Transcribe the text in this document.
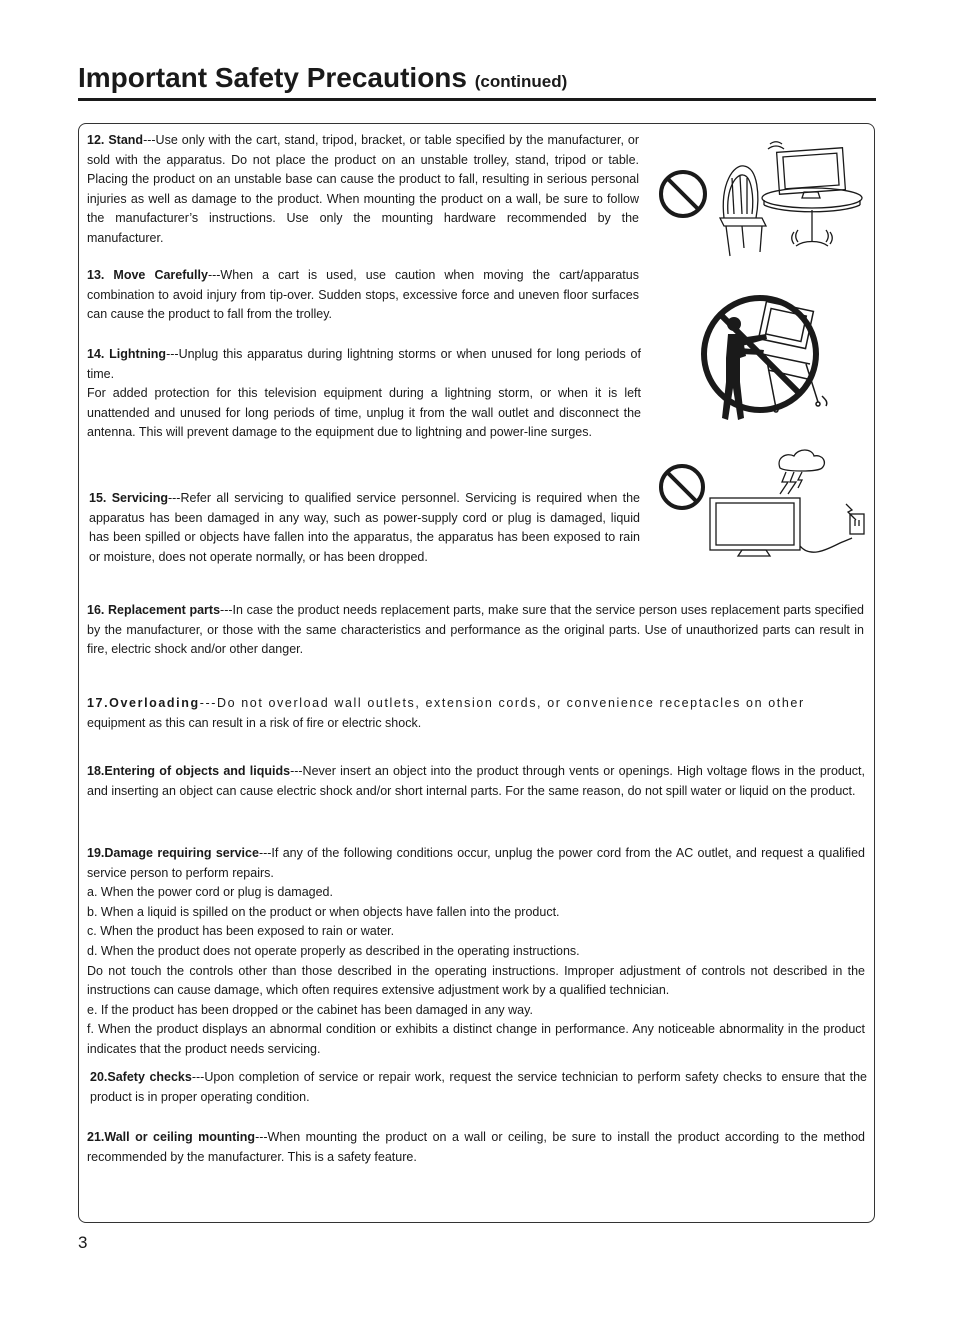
Important Safety Precautions (continued)

12. Stand---Use only with the cart, stand, tripod, bracket, or table specified by the manufacturer, or sold with the apparatus. Do not place the product on an unstable trolley, stand, tripod or table. Placing the product on an unstable base can cause the product to fall, resulting in serious personal injuries as well as damage to the product. When mounting the product on a wall, be sure to follow the manufacturer’s instructions. Use only the mounting hardware recommended by the manufacturer.

13. Move Carefully---When a cart is used, use caution when moving the cart/apparatus combination to avoid injury from tip-over. Sudden stops, excessive force and uneven floor surfaces can cause the product to fall from the trolley.

14. Lightning---Unplug this apparatus during lightning storms or when unused for long periods of time.
For added protection for this television equipment during a lightning storm, or when it is left unattended and unused for long periods of time, unplug it from the wall outlet and disconnect the antenna. This will prevent damage to the equipment due to lightning and power-line surges.

15. Servicing---Refer all servicing to qualified service personnel. Servicing is required when the apparatus has been damaged in any way, such as power-supply cord or plug is damaged, liquid has been spilled or objects have fallen into the apparatus, the apparatus has been exposed to rain or moisture, does not operate normally, or has been dropped.

16. Replacement parts---In case the product needs replacement parts, make sure that the service person uses replacement parts specified by the manufacturer, or those with the same characteristics and performance as the original parts. Use of unauthorized parts can result in fire, electric shock and/or other danger.

17.Overloading---Do not overload wall outlets, extension cords, or convenience receptacles on other
equipment as this can result in a risk of fire or electric shock.

18.Entering of objects and liquids---Never insert an object into the product through vents or openings. High voltage flows in the product, and inserting an object can cause electric shock and/or short internal parts. For the same reason, do not spill water or liquid on the product.

19.Damage requiring service---If any of the following conditions occur, unplug the power cord from the AC outlet, and request a qualified service person to perform repairs.
a. When the power cord or plug is damaged.
b. When a liquid is spilled on the product or when objects have fallen into the product.
c. When the product has been exposed to rain or water.
d. When the product does not operate properly as described in the operating instructions.
Do not touch the controls other than those described in the operating instructions. Improper adjustment of controls not described in the instructions can cause damage, which often requires extensive adjustment work by a qualified technician.
e. If the product has been dropped or the cabinet has been damaged in any way.
f. When the product displays an abnormal condition or exhibits a distinct change in performance. Any noticeable abnormality in the product indicates that the product needs servicing.

20.Safety checks---Upon completion of service or repair work, request the service technician to perform safety checks to ensure that the product is in proper operating condition.

21.Wall or ceiling mounting---When mounting the product on a wall or ceiling, be sure to install the product according to the method recommended by the manufacturer. This is a safety feature.

3
